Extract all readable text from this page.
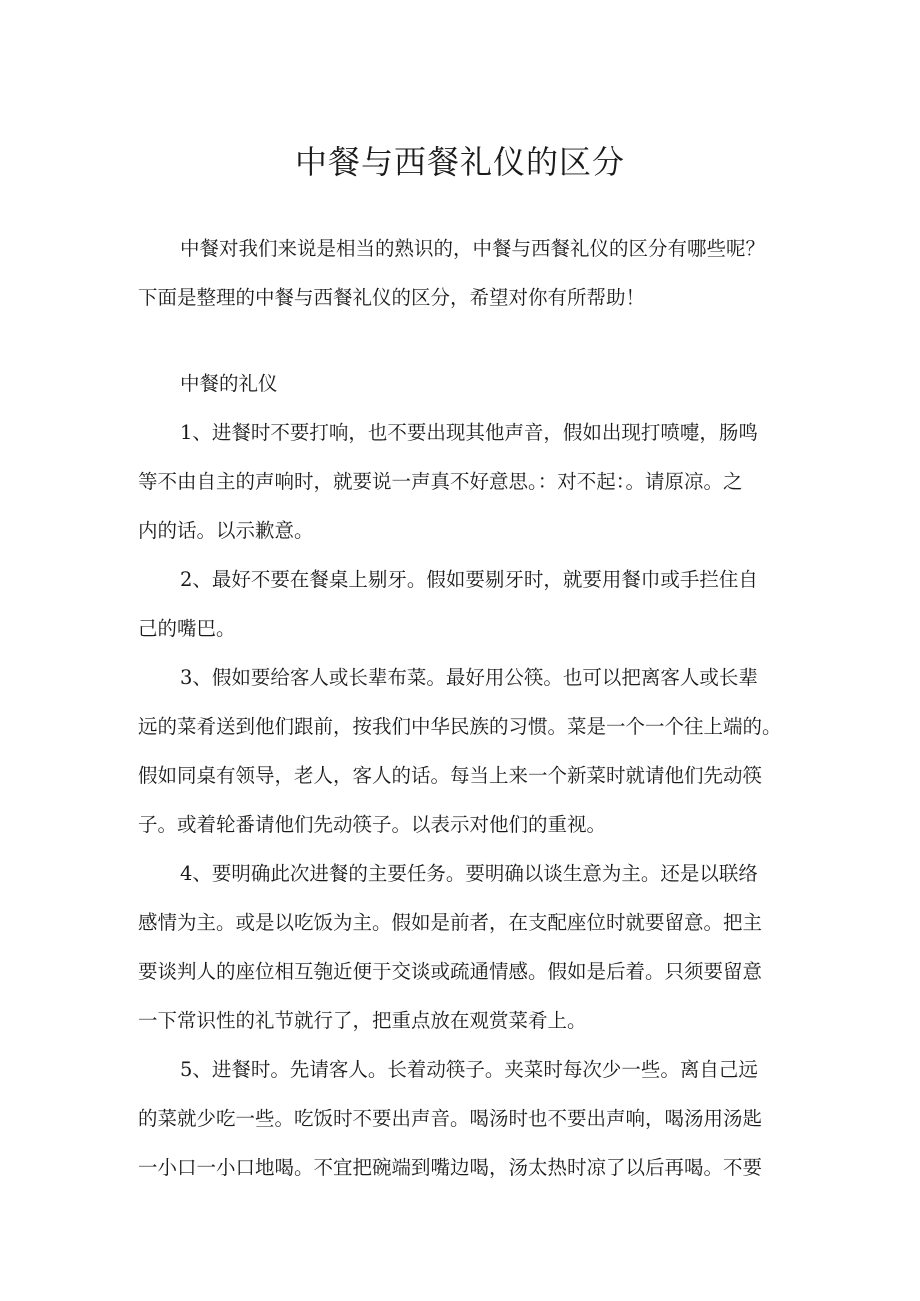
中餐与西餐礼仪的区分
中餐对我们来说是相当的熟识的，中餐与西餐礼仪的区分有哪些呢？
下面是整理的中餐与西餐礼仪的区分，希望对你有所帮助！
中餐的礼仪
1、进餐时不要打响，也不要出现其他声音，假如出现打喷嚏，肠鸣
等不由自主的声响时，就要说一声真不好意思。：对不起：。请原凉。之
内的话。以示歉意。
2、最好不要在餐桌上剔牙。假如要剔牙时，就要用餐巾或手拦住自
己的嘴巴。
3、假如要给客人或长辈布菜。最好用公筷。也可以把离客人或长辈
远的菜肴送到他们跟前，按我们中华民族的习惯。菜是一个一个往上端的。
假如同桌有领导，老人，客人的话。每当上来一个新菜时就请他们先动筷
子。或着轮番请他们先动筷子。以表示对他们的重视。
4、要明确此次进餐的主要任务。要明确以谈生意为主。还是以联络
感情为主。或是以吃饭为主。假如是前者，在支配座位时就要留意。把主
要谈判人的座位相互匏近便于交谈或疏通情感。假如是后着。只须要留意
一下常识性的礼节就行了，把重点放在观赏菜肴上。
5、进餐时。先请客人。长着动筷子。夹菜时每次少一些。离自己远
的菜就少吃一些。吃饭时不要出声音。喝汤时也不要出声响，喝汤用汤匙
一小口一小口地喝。不宜把碗端到嘴边喝，汤太热时凉了以后再喝。不要
